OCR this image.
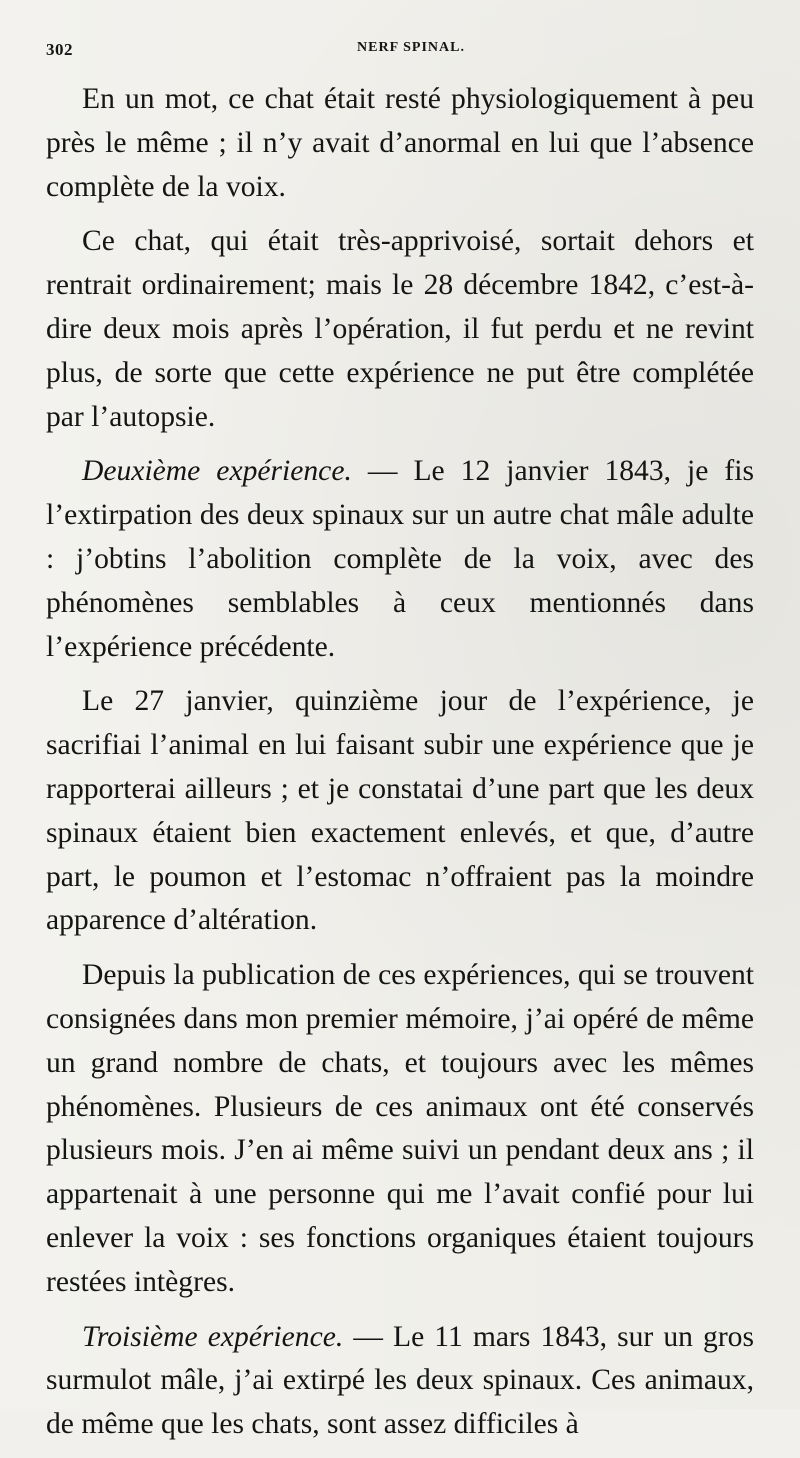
302	NERF SPINAL.

En un mot, ce chat était resté physiologiquement à peu près le même ; il n’y avait d’anormal en lui que l’absence complète de la voix.

Ce chat, qui était très-apprivoisé, sortait dehors et rentrait ordinairement; mais le 28 décembre 1842, c’est-à-dire deux mois après l’opération, il fut perdu et ne revint plus, de sorte que cette expérience ne put être complétée par l’autopsie.

Deuxième expérience. — Le 12 janvier 1843, je fis l’extirpation des deux spinaux sur un autre chat mâle adulte : j’obtins l’abolition complète de la voix, avec des phénomènes semblables à ceux mentionnés dans l’expérience précédente.

Le 27 janvier, quinzième jour de l’expérience, je sacrifiai l’animal en lui faisant subir une expérience que je rapporterai ailleurs ; et je constatai d’une part que les deux spinaux étaient bien exactement enlevés, et que, d’autre part, le poumon et l’estomac n’offraient pas la moindre apparence d’altération.

Depuis la publication de ces expériences, qui se trouvent consignées dans mon premier mémoire, j’ai opéré de même un grand nombre de chats, et toujours avec les mêmes phénomènes. Plusieurs de ces animaux ont été conservés plusieurs mois. J’en ai même suivi un pendant deux ans ; il appartenait à une personne qui me l’avait confié pour lui enlever la voix : ses fonctions organiques étaient toujours restées intègres.

Troisième expérience. — Le 11 mars 1843, sur un gros surmulot mâle, j’ai extirpé les deux spinaux. Ces animaux, de même que les chats, sont assez difficiles à
